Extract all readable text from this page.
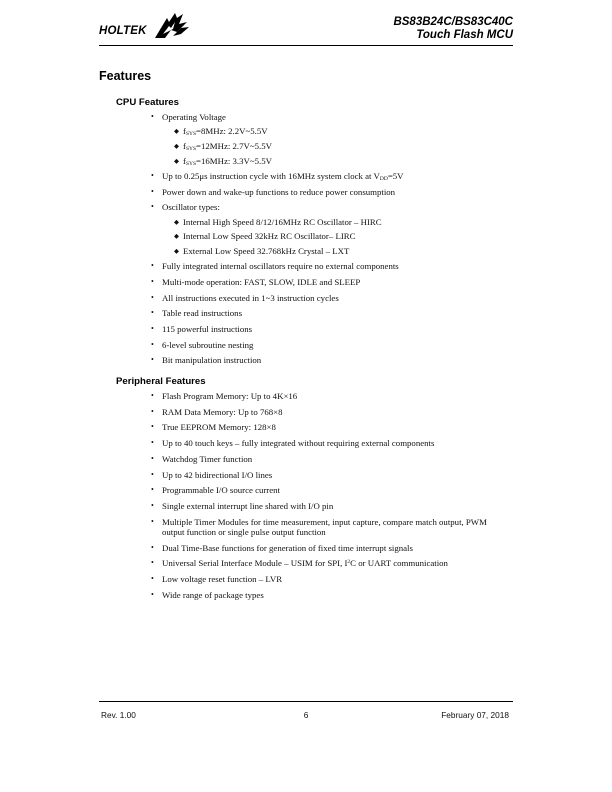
HOLTEK
BS83B24C/BS83C40C
Touch Flash MCU
Features
CPU Features
• Operating Voltage
◆ $f_{SYS}=8MHz$: 2.2V~5.5V
◆ $f_{SYS}=12MHz$: 2.7V~5.5V
◆ $f_{SYS}=16MHz$: 3.3V~5.5V
• Up to 0.25μs instruction cycle with 16MHz system clock at $V_{DD}=5V$
• Power down and wake-up functions to reduce power consumption
• Oscillator types:
◆ Internal High Speed 8/12/16MHz RC Oscillator – HIRC
◆ Internal Low Speed 32kHz RC Oscillator– LIRC
◆ External Low Speed 32.768kHz Crystal – LXT
• Fully integrated internal oscillators require no external components
• Multi-mode operation: FAST, SLOW, IDLE and SLEEP
• All instructions executed in 1~3 instruction cycles
• Table read instructions
• 115 powerful instructions
• 6-level subroutine nesting
• Bit manipulation instruction
Peripheral Features
• Flash Program Memory: Up to 4K×16
• RAM Data Memory: Up to 768×8
• True EEPROM Memory: 128×8
• Up to 40 touch keys – fully integrated without requiring external components
• Watchdog Timer function
• Up to 42 bidirectional I/O lines
• Programmable I/O source current
• Single external interrupt line shared with I/O pin
• Multiple Timer Modules for time measurement, input capture, compare match output, PWM
output function or single pulse output function
• Dual Time-Base functions for generation of fixed time interrupt signals
• Universal Serial Interface Module – USIM for SPI, $I^2C$ or UART communication
• Low voltage reset function – LVR
• Wide range of package types
Rev. 1.00	6	February 07, 2018
